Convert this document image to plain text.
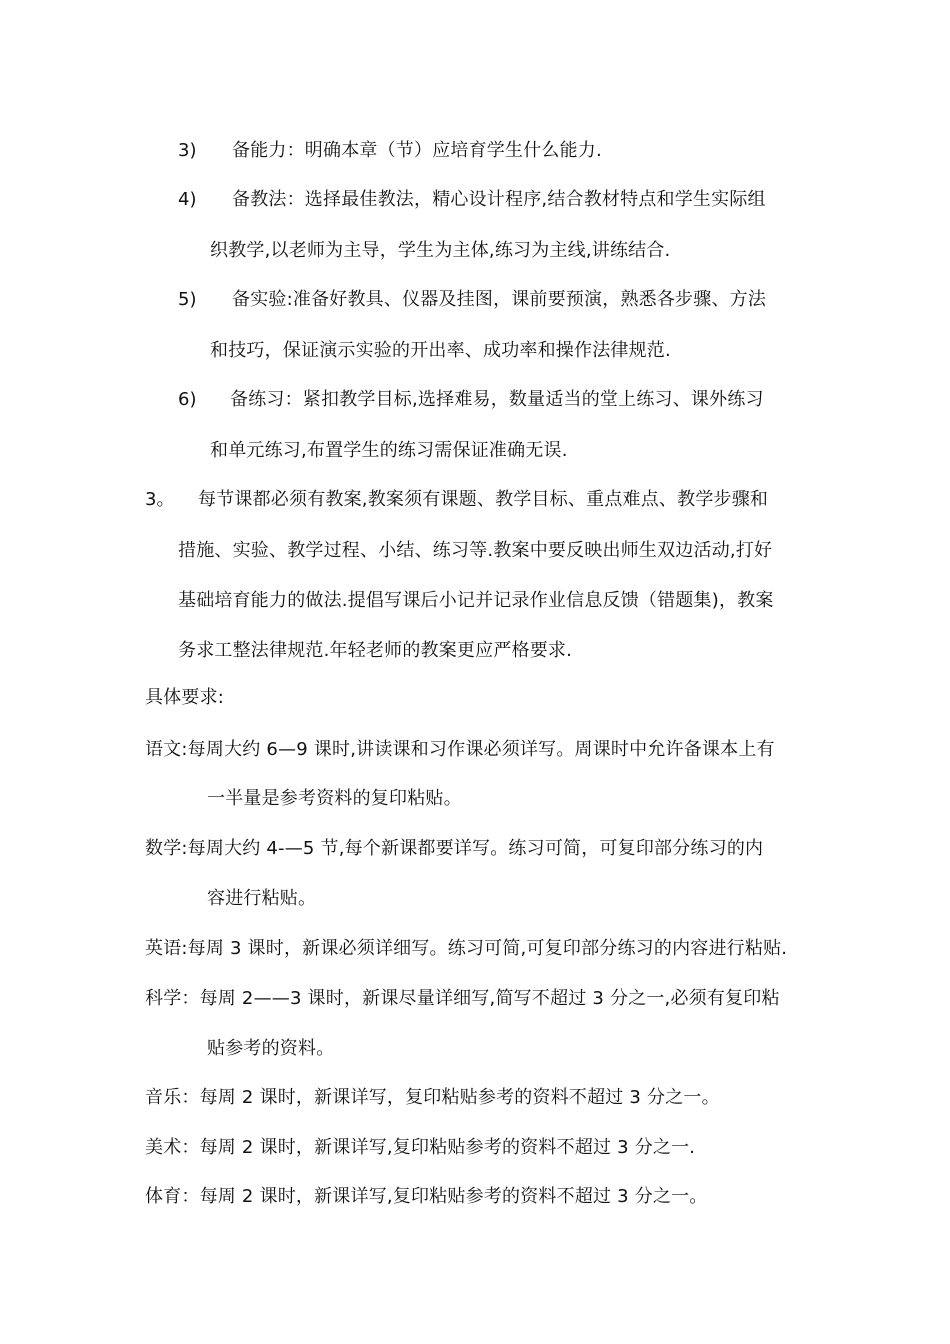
3) 备能力：明确本章（节）应培育学生什么能力.
4) 备教法：选择最佳教法，精心设计程序,结合教材特点和学生实际组
织教学,以老师为主导，学生为主体,练习为主线,讲练结合.
5) 备实验:准备好教具、仪器及挂图，课前要预演，熟悉各步骤、方法
和技巧，保证演示实验的开出率、成功率和操作法律规范.
6) 备练习：紧扣教学目标,选择难易，数量适当的堂上练习、课外练习
和单元练习,布置学生的练习需保证准确无误.
3。 每节课都必须有教案,教案须有课题、教学目标、重点难点、教学步骤和
措施、实验、教学过程、小结、练习等.教案中要反映出师生双边活动,打好
基础培育能力的做法.提倡写课后小记并记录作业信息反馈（错题集)，教案
务求工整法律规范.年轻老师的教案更应严格要求.
具体要求:
语文:每周大约 6—9 课时,讲读课和习作课必须详写。周课时中允许备课本上有
一半量是参考资料的复印粘贴。
数学:每周大约 4-—5 节,每个新课都要详写。练习可简，可复印部分练习的内
容进行粘贴。
英语:每周 3 课时，新课必须详细写。练习可简,可复印部分练习的内容进行粘贴.
科学：每周 2——3 课时，新课尽量详细写,简写不超过 3 分之一,必须有复印粘
贴参考的资料。
音乐：每周 2 课时，新课详写，复印粘贴参考的资料不超过 3 分之一。
美术：每周 2 课时，新课详写,复印粘贴参考的资料不超过 3 分之一.
体育：每周 2 课时，新课详写,复印粘贴参考的资料不超过 3 分之一。
